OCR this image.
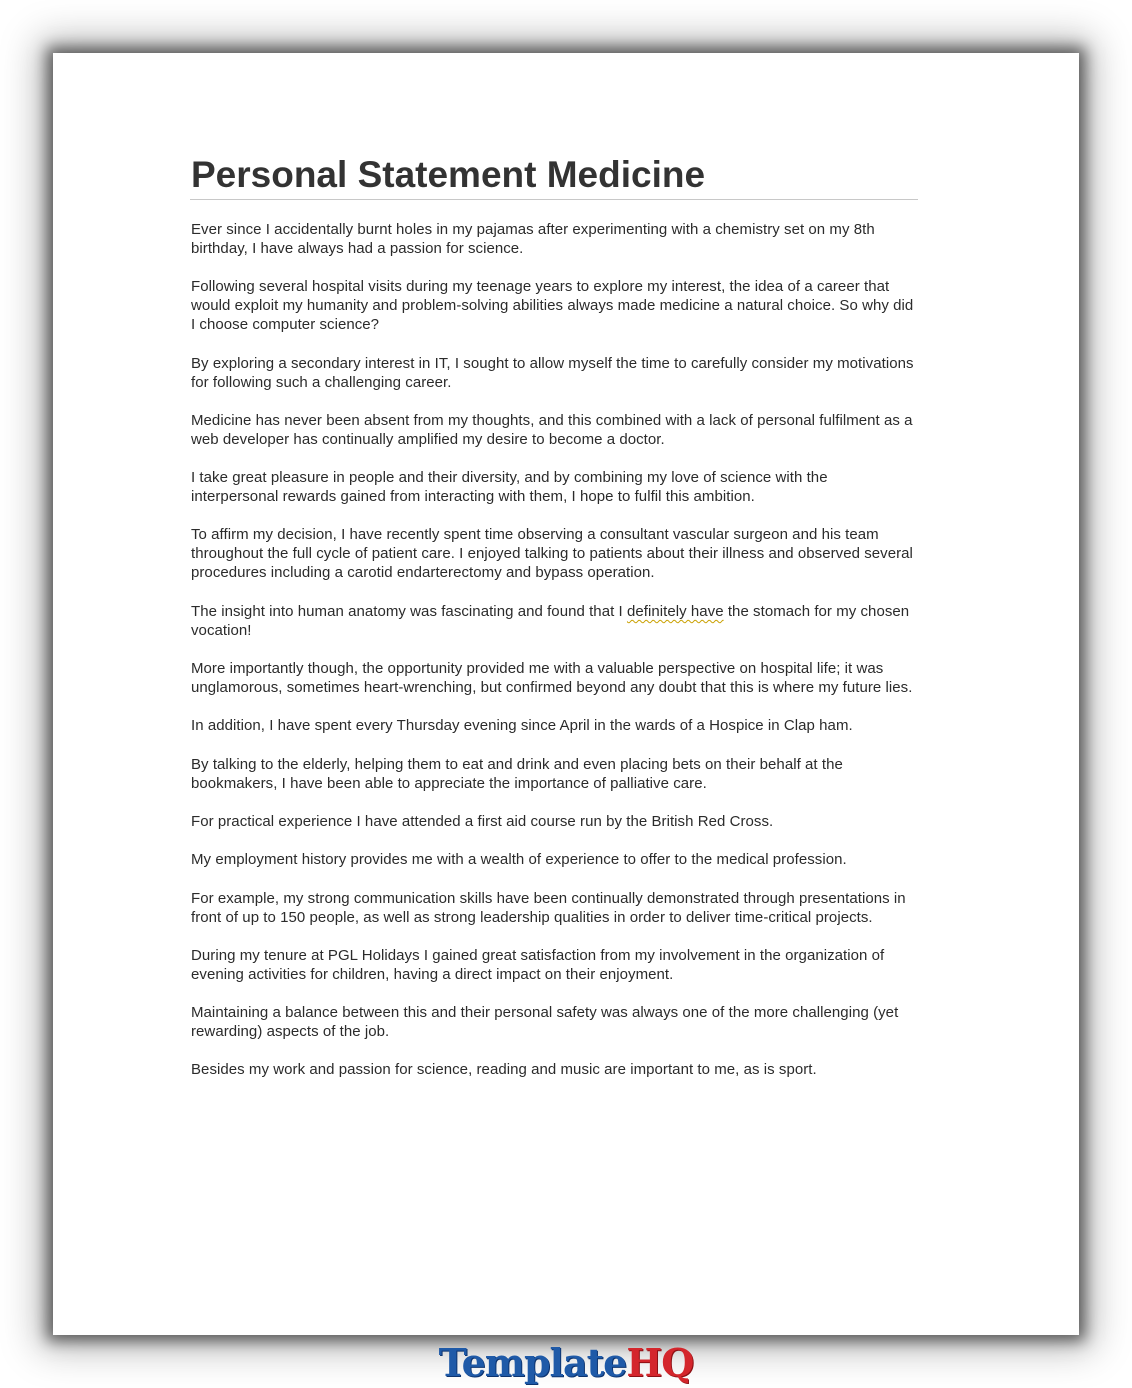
Personal Statement Medicine

Ever since I accidentally burnt holes in my pajamas after experimenting with a chemistry set on my 8th birthday, I have always had a passion for science.

Following several hospital visits during my teenage years to explore my interest, the idea of a career that would exploit my humanity and problem-solving abilities always made medicine a natural choice. So why did I choose computer science?

By exploring a secondary interest in IT, I sought to allow myself the time to carefully consider my motivations for following such a challenging career.

Medicine has never been absent from my thoughts, and this combined with a lack of personal fulfilment as a web developer has continually amplified my desire to become a doctor.

I take great pleasure in people and their diversity, and by combining my love of science with the interpersonal rewards gained from interacting with them, I hope to fulfil this ambition.

To affirm my decision, I have recently spent time observing a consultant vascular surgeon and his team throughout the full cycle of patient care. I enjoyed talking to patients about their illness and observed several procedures including a carotid endarterectomy and bypass operation.

The insight into human anatomy was fascinating and found that I definitely have the stomach for my chosen vocation!

More importantly though, the opportunity provided me with a valuable perspective on hospital life; it was unglamorous, sometimes heart-wrenching, but confirmed beyond any doubt that this is where my future lies.

In addition, I have spent every Thursday evening since April in the wards of a Hospice in Clap ham.

By talking to the elderly, helping them to eat and drink and even placing bets on their behalf at the bookmakers, I have been able to appreciate the importance of palliative care.

For practical experience I have attended a first aid course run by the British Red Cross.

My employment history provides me with a wealth of experience to offer to the medical profession.

For example, my strong communication skills have been continually demonstrated through presentations in front of up to 150 people, as well as strong leadership qualities in order to deliver time-critical projects.

During my tenure at PGL Holidays I gained great satisfaction from my involvement in the organization of evening activities for children, having a direct impact on their enjoyment.

Maintaining a balance between this and their personal safety was always one of the more challenging (yet rewarding) aspects of the job.

Besides my work and passion for science, reading and music are important to me, as is sport.

TemplateHQ
